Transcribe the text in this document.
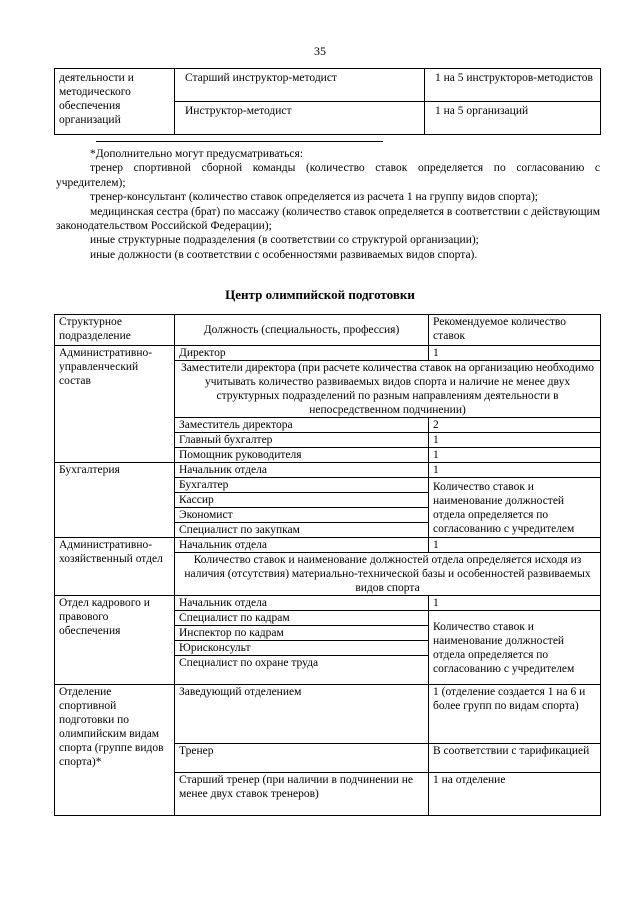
35
деятельности и методического обеспечения организаций	Старший инструктор-методист	1 на 5 инструкторов-методистов
	Инструктор-методист	1 на 5 организаций

*Дополнительно могут предусматриваться:

тренер спортивной сборной команды (количество ставок определяется по согласованию с учредителем);

тренер-консультант (количество ставок определяется из расчета 1 на группу видов спорта);

медицинская сестра (брат) по массажу (количество ставок определяется в соответствии с действующим законодательством Российской Федерации);

иные структурные подразделения (в соответствии со структурой организации);

иные должности (в соответствии с особенностями развиваемых видов спорта).

Центр олимпийской подготовки
Структурное подразделение	Должность (специальность, профессия)	Рекомендуемое количество ставок
Административно-управленческий состав	Директор	1
	Заместители директора (при расчете количества ставок на организацию необходимо учитывать количество развиваемых видов спорта и наличие не менее двух структурных подразделений по разным направлениям деятельности в непосредственном подчинении)	
	Заместитель директора	2
	Главный бухгалтер	1
	Помощник руководителя	1
Бухгалтерия	Начальник отдела	1
	Бухгалтер	Количество ставок и наименование должностей отдела определяется по согласованию с учредителем
	Кассир	
	Экономист	
	Специалист по закупкам	
Административно-хозяйственный отдел	Начальник отдела	1
	Количество ставок и наименование должностей отдела определяется исходя из наличия (отсутствия) материально-технической базы и особенностей развиваемых видов спорта	
Отдел кадрового и правового обеспечения	Начальник отдела	1
	Специалист по кадрам	Количество ставок и наименование должностей отдела определяется по согласованию с учредителем
	Инспектор по кадрам	
	Юрисконсульт	
	Специалист по охране труда	
Отделение спортивной подготовки по олимпийским видам спорта (группе видов спорта)*	Заведующий отделением	1 (отделение создается 1 на 6 и более групп по видам спорта)
	Тренер	В соответствии с тарификацией
	Старший тренер (при наличии в подчинении не менее двух ставок тренеров)	1 на отделение
